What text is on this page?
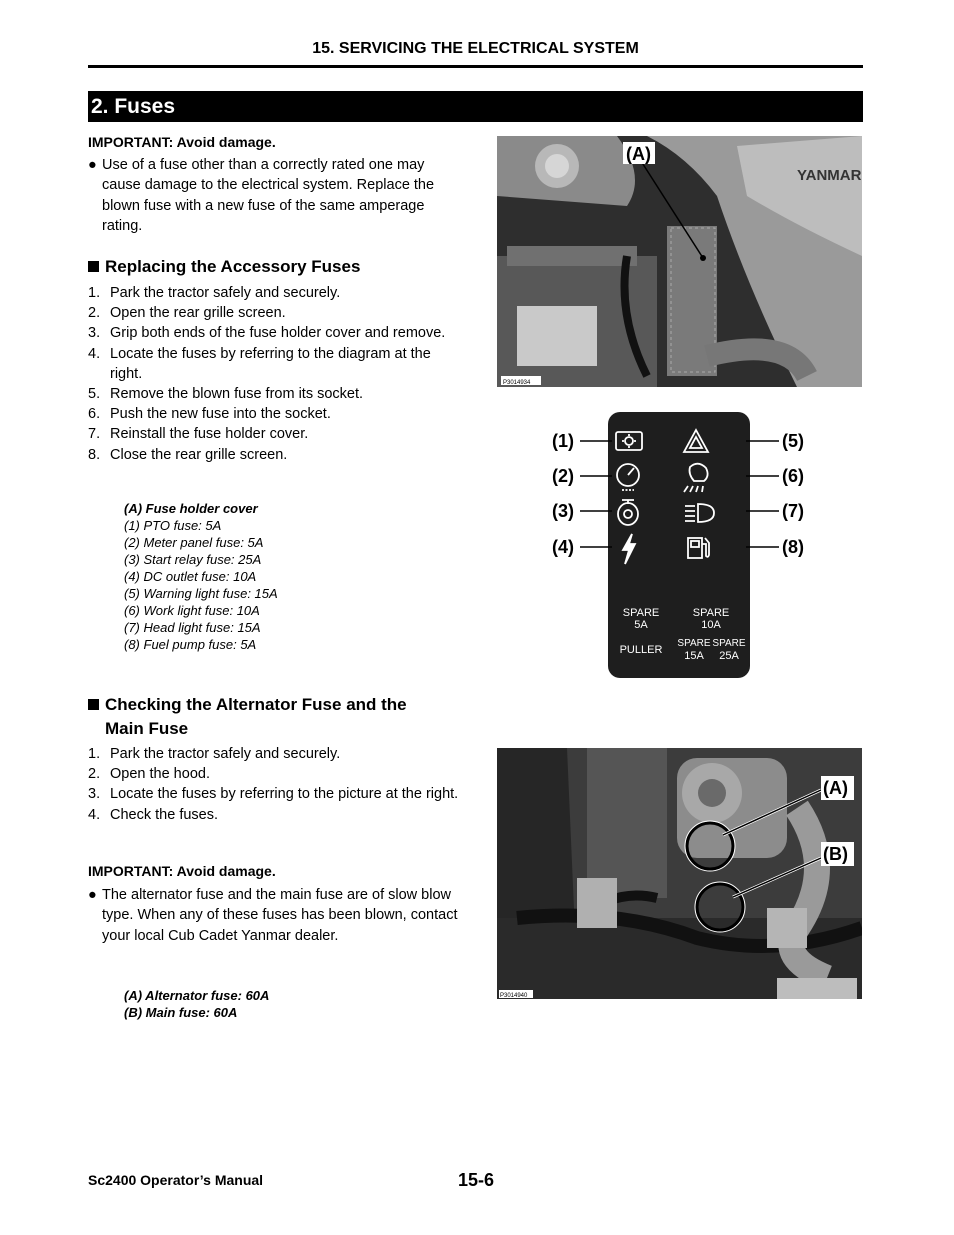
15. SERVICING THE ELECTRICAL SYSTEM
2. Fuses
IMPORTANT: Avoid damage.
● Use of a fuse other than a correctly rated one may cause damage to the electrical system. Replace the blown fuse with a new fuse of the same amperage rating.
Replacing the Accessory Fuses
1. Park the tractor safely and securely.
2. Open the rear grille screen.
3. Grip both ends of the fuse holder cover and remove.
4. Locate the fuses by referring to the diagram at the right.
5. Remove the blown fuse from its socket.
6. Push the new fuse into the socket.
7. Reinstall the fuse holder cover.
8. Close the rear grille screen.
(A) Fuse holder cover
(1) PTO fuse: 5A
(2) Meter panel fuse: 5A
(3) Start relay fuse: 25A
(4) DC outlet fuse: 10A
(5) Warning light fuse: 15A
(6) Work light fuse: 10A
(7) Head light fuse: 15A
(8) Fuel pump fuse: 5A
Checking the Alternator Fuse and the
Main Fuse
1. Park the tractor safely and securely.
2. Open the hood.
3. Locate the fuses by referring to the picture at the right.
4. Check the fuses.
IMPORTANT: Avoid damage.
● The alternator fuse and the main fuse are of slow blow type. When any of these fuses has been blown, contact your local Cub Cadet Yanmar dealer.
(A) Alternator fuse: 60A
(B) Main fuse: 60A
YANMAR
(A)
P3014934
(1)
(2)
(3)
(4)
(5)
(6)
(7)
(8)
SPARE
5A
SPARE
10A
PULLER
SPARE
15A
SPARE
25A
(A)
(B)
P3014940
Sc2400 Operator’s Manual	15-6
